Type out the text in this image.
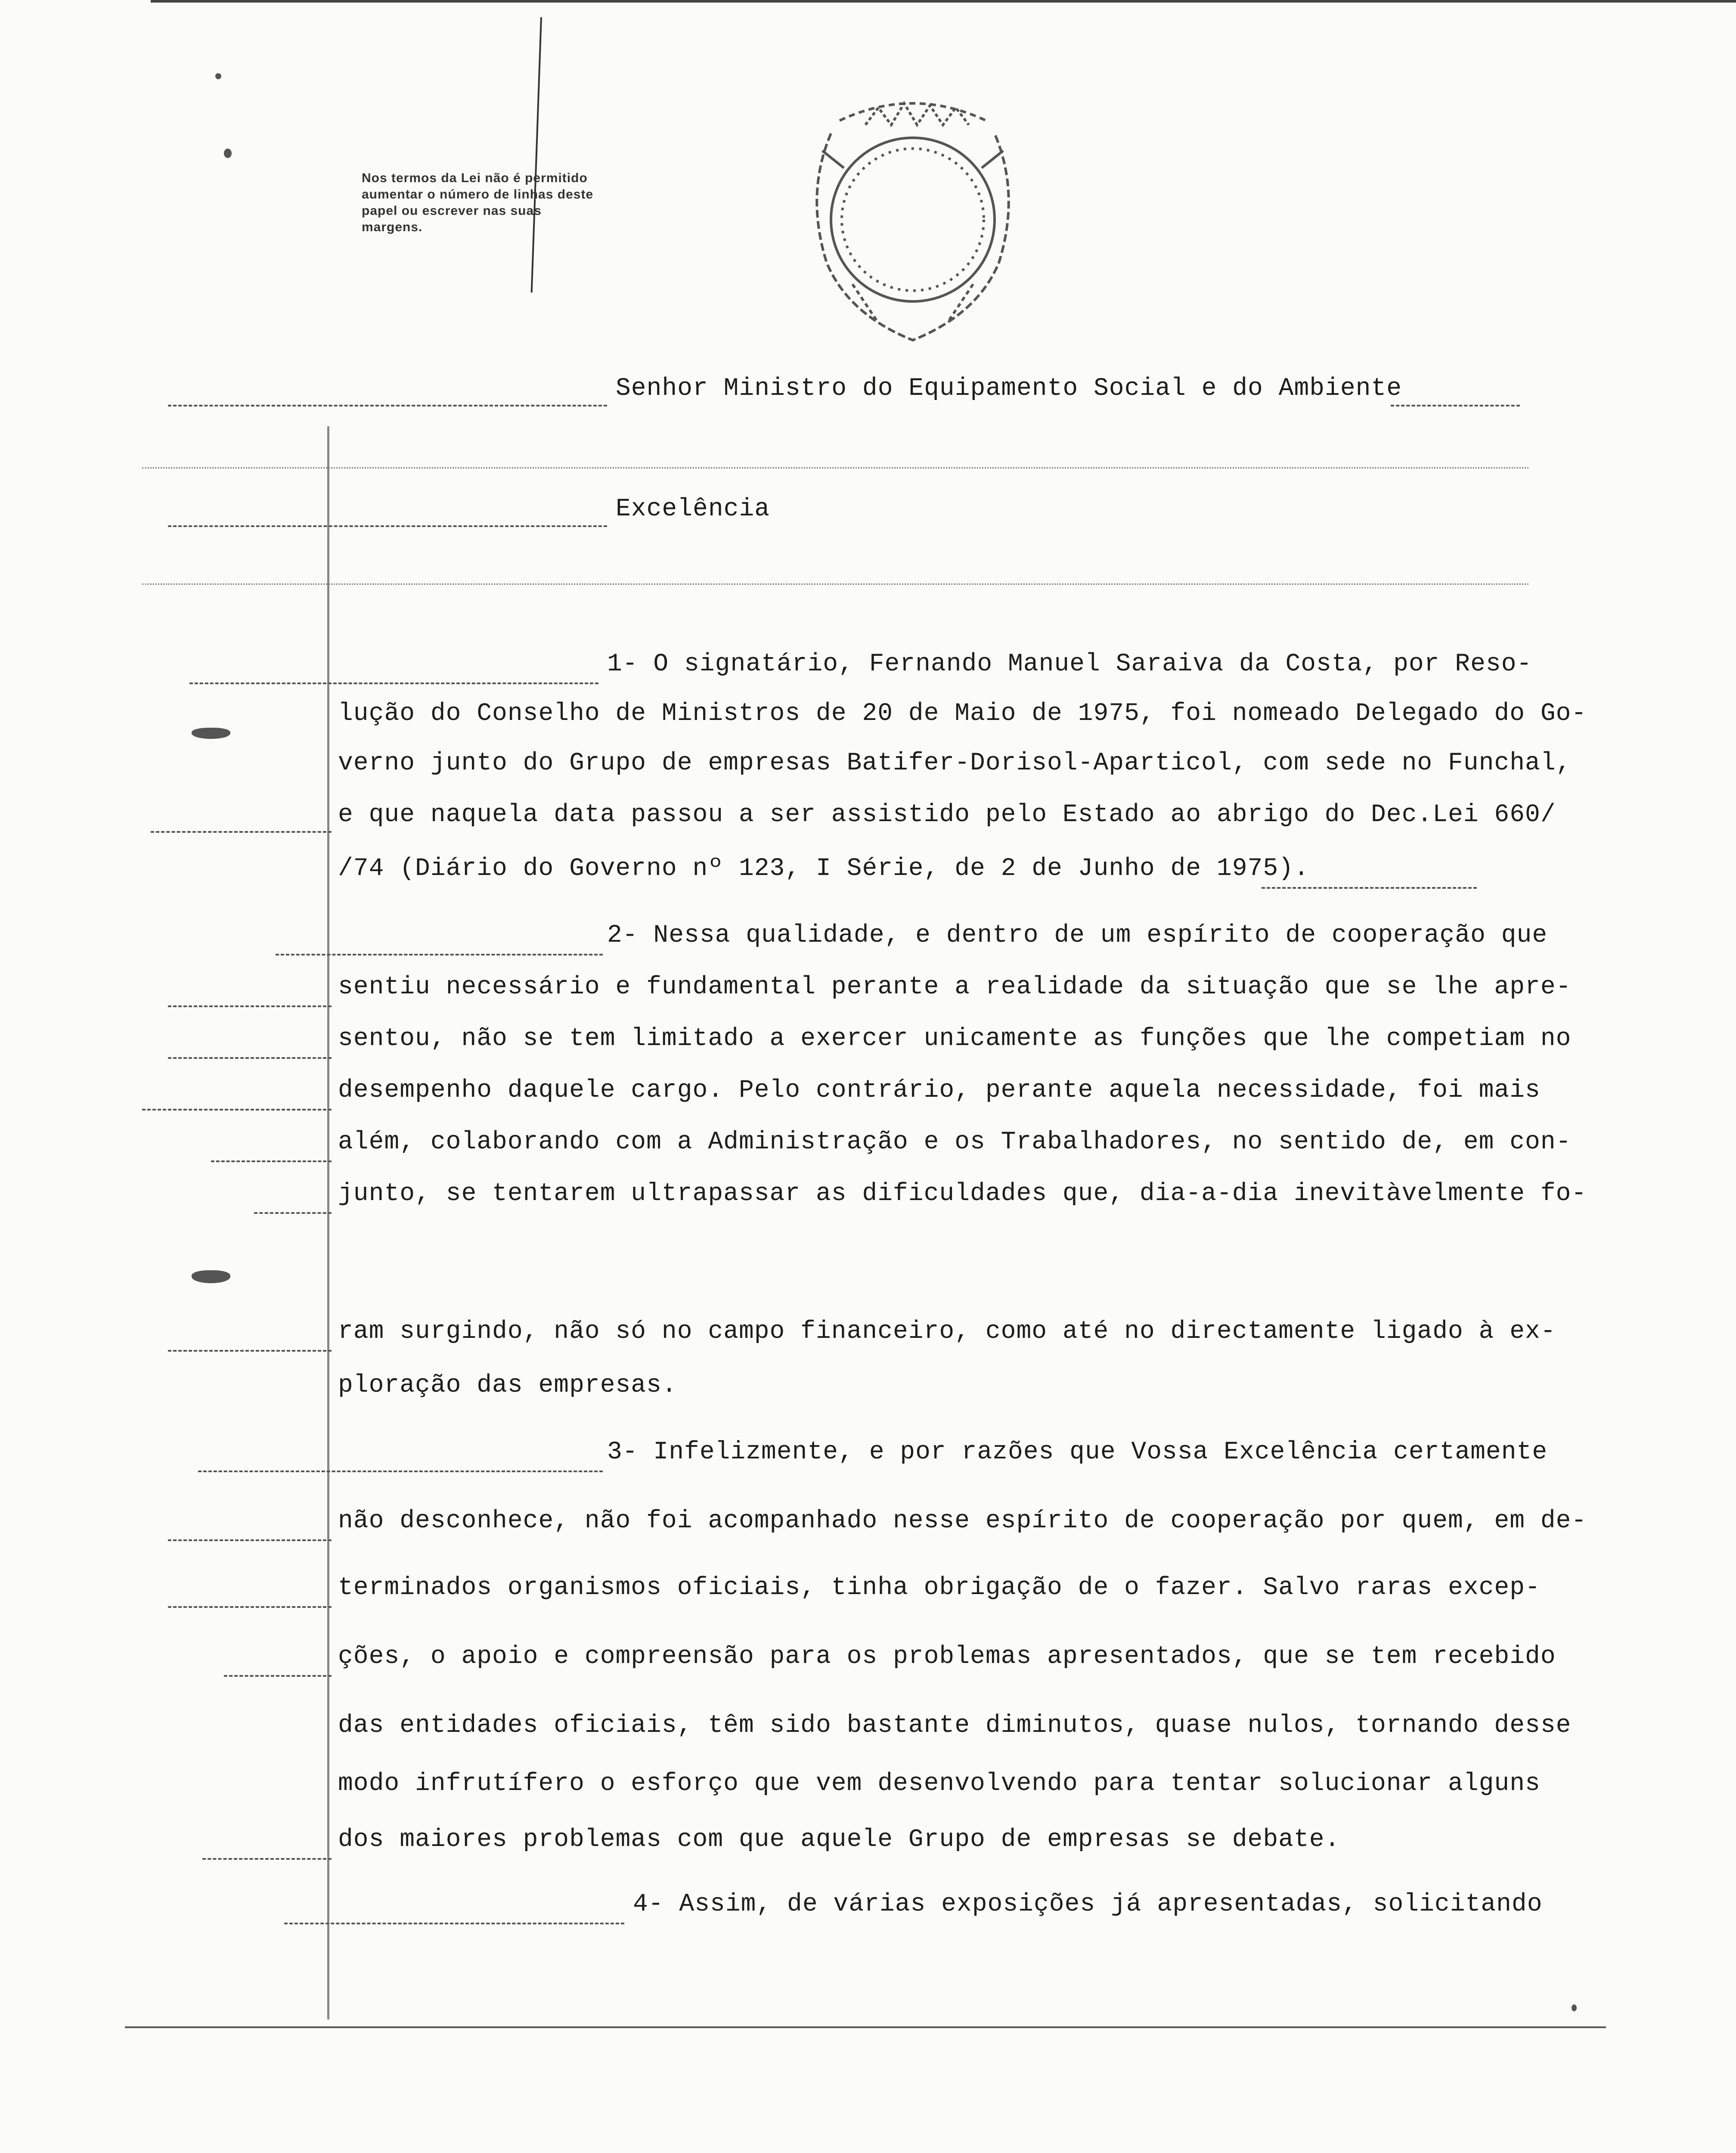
Nos termos da Lei não é permitido aumentar o número de linhas deste papel ou escrever nas suas margens.
Senhor Ministro do Equipamento Social e do Ambiente
Excelência
1- O signatário, Fernando Manuel Saraiva da Costa, por Reso-
lução do Conselho de Ministros de 20 de Maio de 1975, foi nomeado Delegado do Go-
verno junto do Grupo de empresas Batifer-Dorisol-Aparticol, com sede no Funchal,
e que naquela data passou a ser assistido pelo Estado ao abrigo do Dec.Lei 660/
/74 (Diário do Governo nº 123, I Série, de 2 de Junho de 1975).
2- Nessa qualidade, e dentro de um espírito de cooperação que
sentiu necessário e fundamental perante a realidade da situação que se lhe apre-
sentou, não se tem limitado a exercer unicamente as funções que lhe competiam no
desempenho daquele cargo. Pelo contrário, perante aquela necessidade, foi mais
além, colaborando com a Administração e os Trabalhadores, no sentido de, em con-
junto, se tentarem ultrapassar as dificuldades que, dia-a-dia inevitàvelmente fo-
ram surgindo, não só no campo financeiro, como até no directamente ligado à ex-
ploração das empresas.
3- Infelizmente, e por razões que Vossa Excelência certamente
não desconhece, não foi acompanhado nesse espírito de cooperação por quem, em de-
terminados organismos oficiais, tinha obrigação de o fazer. Salvo raras excep-
ções, o apoio e compreensão para os problemas apresentados, que se tem recebido
das entidades oficiais, têm sido bastante diminutos, quase nulos, tornando desse
modo infrutífero o esforço que vem desenvolvendo para tentar solucionar alguns
dos maiores problemas com que aquele Grupo de empresas se debate.
4- Assim, de várias exposições já apresentadas, solicitando
